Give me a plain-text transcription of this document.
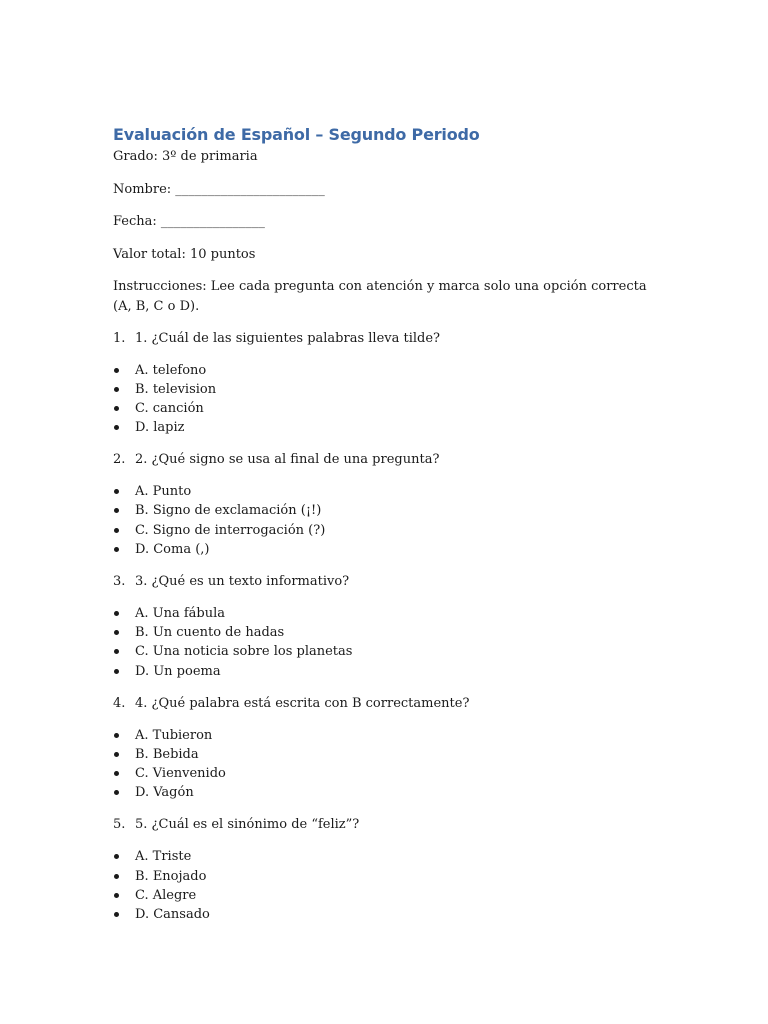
Evaluación de Español – Segundo Periodo

Grado: 3º de primaria

Nombre: _______________________

Fecha: ________________

Valor total: 10 puntos

Instrucciones: Lee cada pregunta con atención y marca solo una opción correcta (A, B, C o D).

1. 1. ¿Cuál de las siguientes palabras lleva tilde?
A. telefono
B. television
C. canción
D. lapiz
2. 2. ¿Qué signo se usa al final de una pregunta?
A. Punto
B. Signo de exclamación (¡!)
C. Signo de interrogación (?)
D. Coma (,)
3. 3. ¿Qué es un texto informativo?
A. Una fábula
B. Un cuento de hadas
C. Una noticia sobre los planetas
D. Un poema
4. 4. ¿Qué palabra está escrita con B correctamente?
A. Tubieron
B. Bebida
C. Vienvenido
D. Vagón
5. 5. ¿Cuál es el sinónimo de “feliz”?
A. Triste
B. Enojado
C. Alegre
D. Cansado
